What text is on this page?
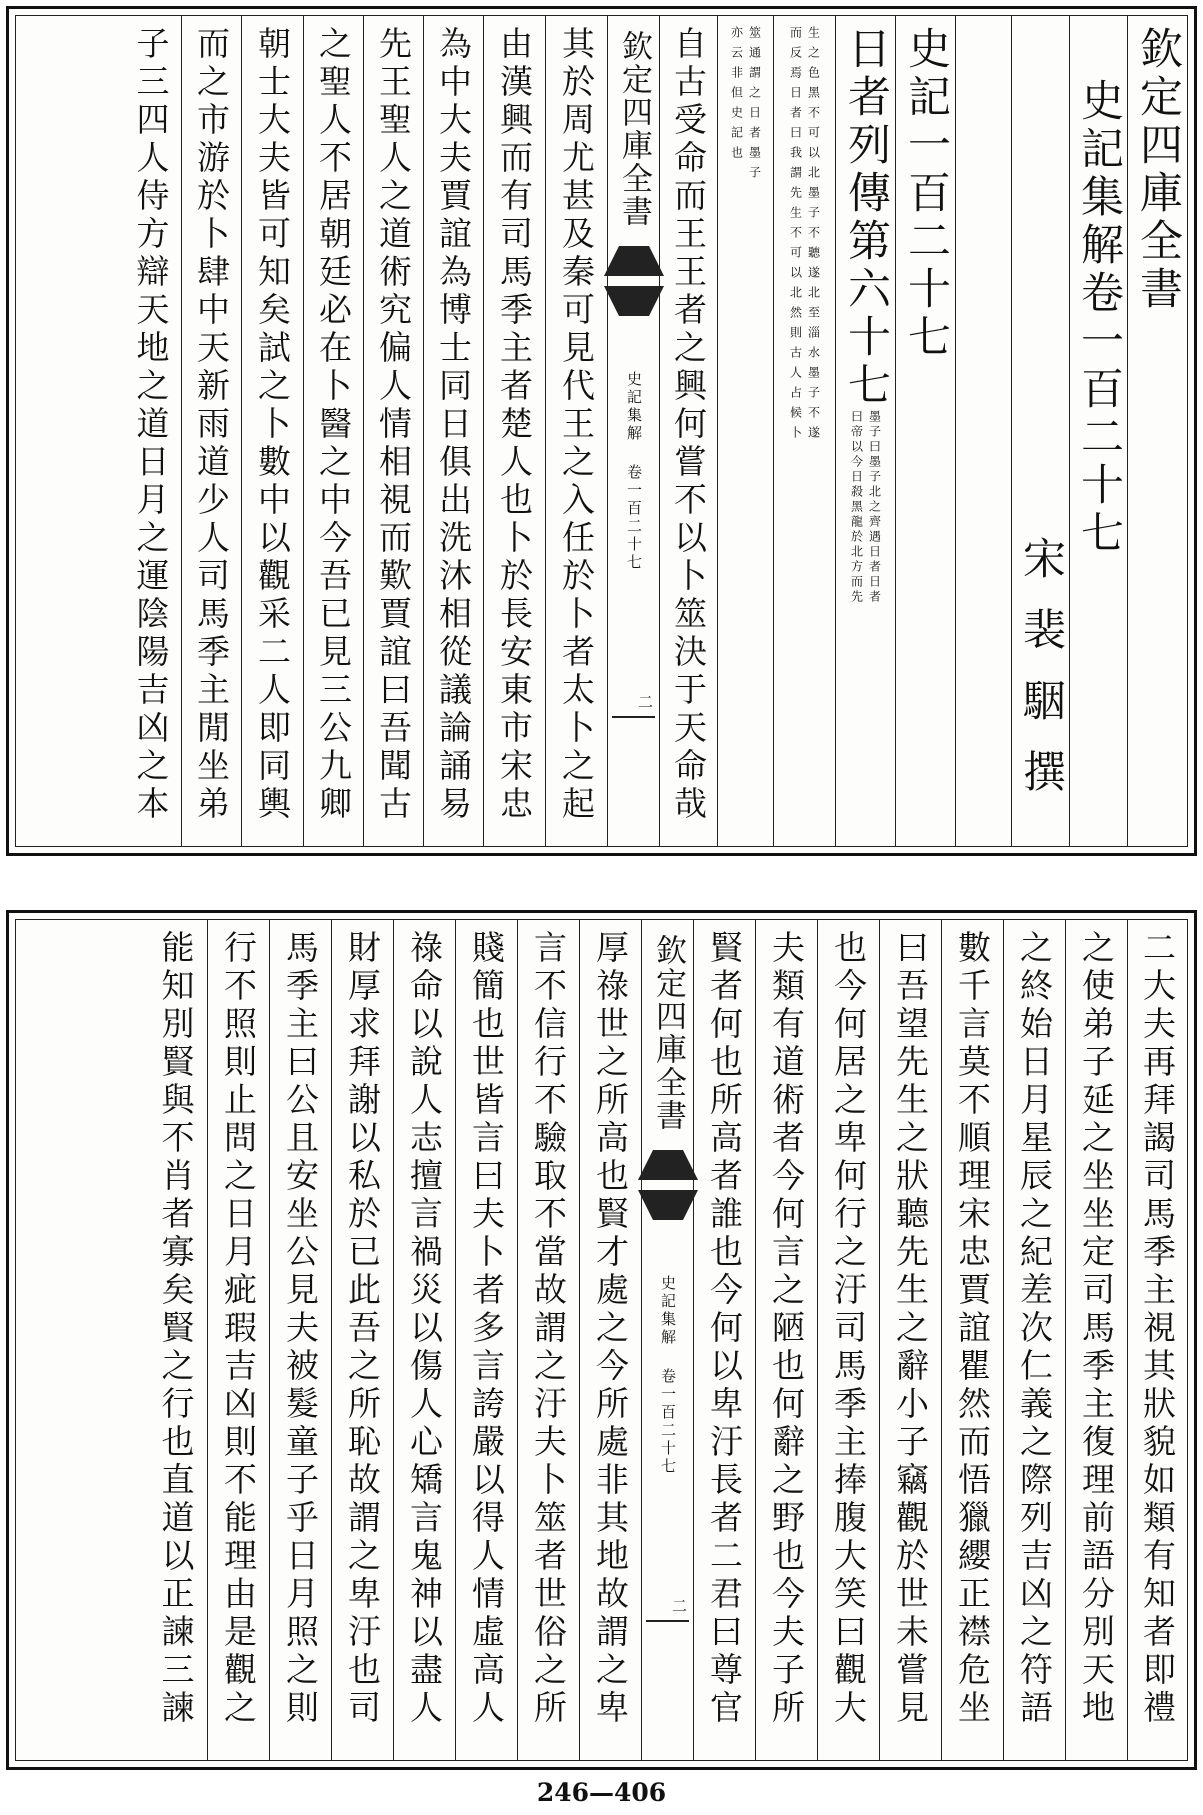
欽定四庫全書
史記集解卷一百二十七
宋裴駰撰
史記一百二十七
日者列傳第六十七
墨子曰墨子北之齊遇日者日者
曰帝以今日殺黑龍於北方而先
生之色黑不可以北墨子不聽遂北至淄水墨子不遂
而反焉日者曰我謂先生不可以北然則古人占候卜
筮通謂之日者墨子
亦云非但史記也
自古受命而王王者之興何嘗不以卜筮決于天命哉
欽定四庫全書
史記集解 卷一百二十七
二
其於周尤甚及秦可見代王之入任於卜者太卜之起
由漢興而有司馬季主者楚人也卜於長安東市宋忠
為中大夫賈誼為博士同日俱出洗沐相從議論誦易
先王聖人之道術究偏人情相視而歎賈誼曰吾聞古
之聖人不居朝廷必在卜醫之中今吾已見三公九卿
朝士大夫皆可知矣試之卜數中以觀采二人即同輿
而之市游於卜肆中天新雨道少人司馬季主閒坐弟
子三四人侍方辯天地之道日月之運陰陽吉凶之本
二大夫再拜謁司馬季主視其狀貌如類有知者即禮
之使弟子延之坐坐定司馬季主復理前語分別天地
之終始日月星辰之紀差次仁義之際列吉凶之符語
數千言莫不順理宋忠賈誼瞿然而悟獵纓正襟危坐
曰吾望先生之狀聽先生之辭小子竊觀於世未嘗見
也今何居之卑何行之汙司馬季主捧腹大笑曰觀大
夫類有道術者今何言之陋也何辭之野也今夫子所
賢者何也所高者誰也今何以卑汙長者二君曰尊官
欽定四庫全書
史記集解 卷一百二十七
二
厚祿世之所高也賢才處之今所處非其地故謂之卑
言不信行不驗取不當故謂之汙夫卜筮者世俗之所
賤簡也世皆言曰夫卜者多言誇嚴以得人情虛高人
祿命以說人志擅言禍災以傷人心矯言鬼神以盡人
財厚求拜謝以私於已此吾之所恥故謂之卑汙也司
馬季主曰公且安坐公見夫被髮童子乎日月照之則
行不照則止問之日月疵瑕吉凶則不能理由是觀之
能知別賢與不肖者寡矣賢之行也直道以正諫三諫
246—406
